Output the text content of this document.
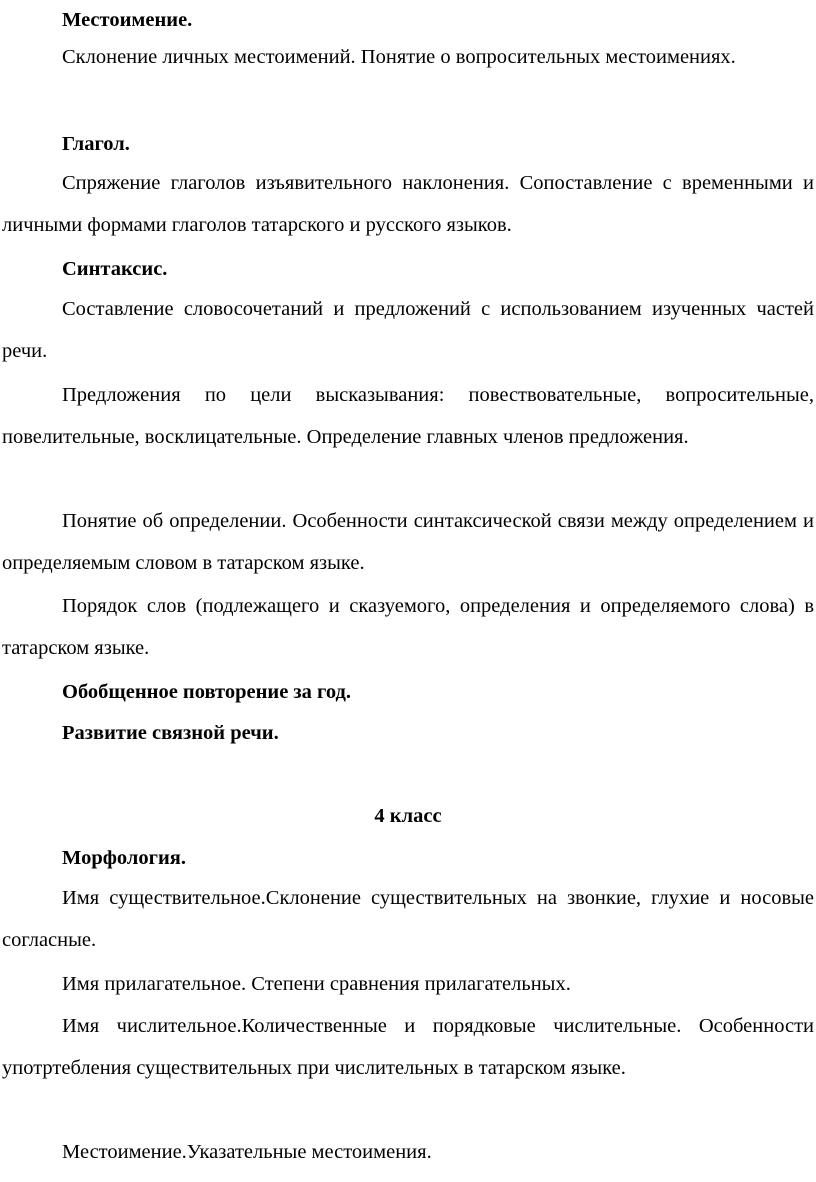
Местоимение.

Склонение личных местоимений. Понятие о вопросительных местоимениях.

Глагол.

Спряжение глаголов изъявительного наклонения. Сопоставление с временными и личными формами глаголов татарского и русского языков.

Синтаксис.

Составление словосочетаний и предложений с использованием изученных частей речи.

Предложения по цели высказывания: повествовательные, вопросительные, повелительные, восклицательные. Определение главных членов предложения.

Понятие об определении. Особенности синтаксической связи между определением и определяемым словом в татарском языке.

Порядок слов (подлежащего и сказуемого, определения и определяемого слова) в татарском языке.

Обобщенное повторение за год.

Развитие связной речи.

4 класс

Морфология.

Имя существительное.Склонение существительных на звонкие, глухие и носовые согласные.

Имя прилагательное. Степени сравнения прилагательных.

Имя числительное.Количественные и порядковые числительные. Особенности употртебления существительных при числительных в татарском языке.

Местоимение.Указательные местоимения.
